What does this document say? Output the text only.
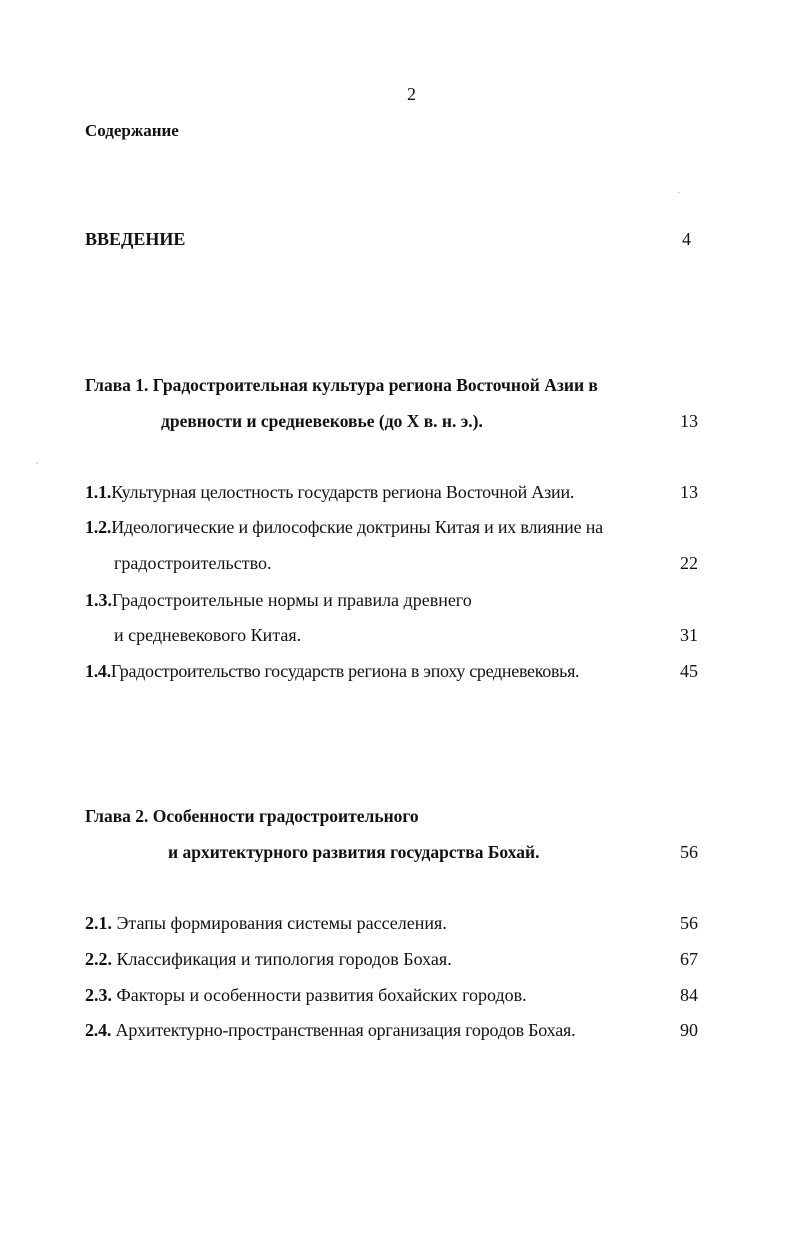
2
Содержание
ВВЕДЕНИЕ	4
Глава 1. Градостроительная культура региона Восточной Азии в
древности и средневековье (до X в. н. э.).	13
1.1.Культурная целостность государств региона Восточной Азии.	13
1.2.Идеологические и философские доктрины Китая и их влияние на
градостроительство.	22
1.3.Градостроительные нормы и правила древнего
и средневекового Китая.	31
1.4.Градостроительство государств региона в эпоху средневековья.	45
Глава 2. Особенности градостроительного
и архитектурного развития государства Бохай.	56
2.1. Этапы формирования системы расселения.	56
2.2. Классификация и типология городов Бохая.	67
2.3. Факторы и особенности развития бохайских городов.	84
2.4. Архитектурно-пространственная организация городов Бохая.	90
